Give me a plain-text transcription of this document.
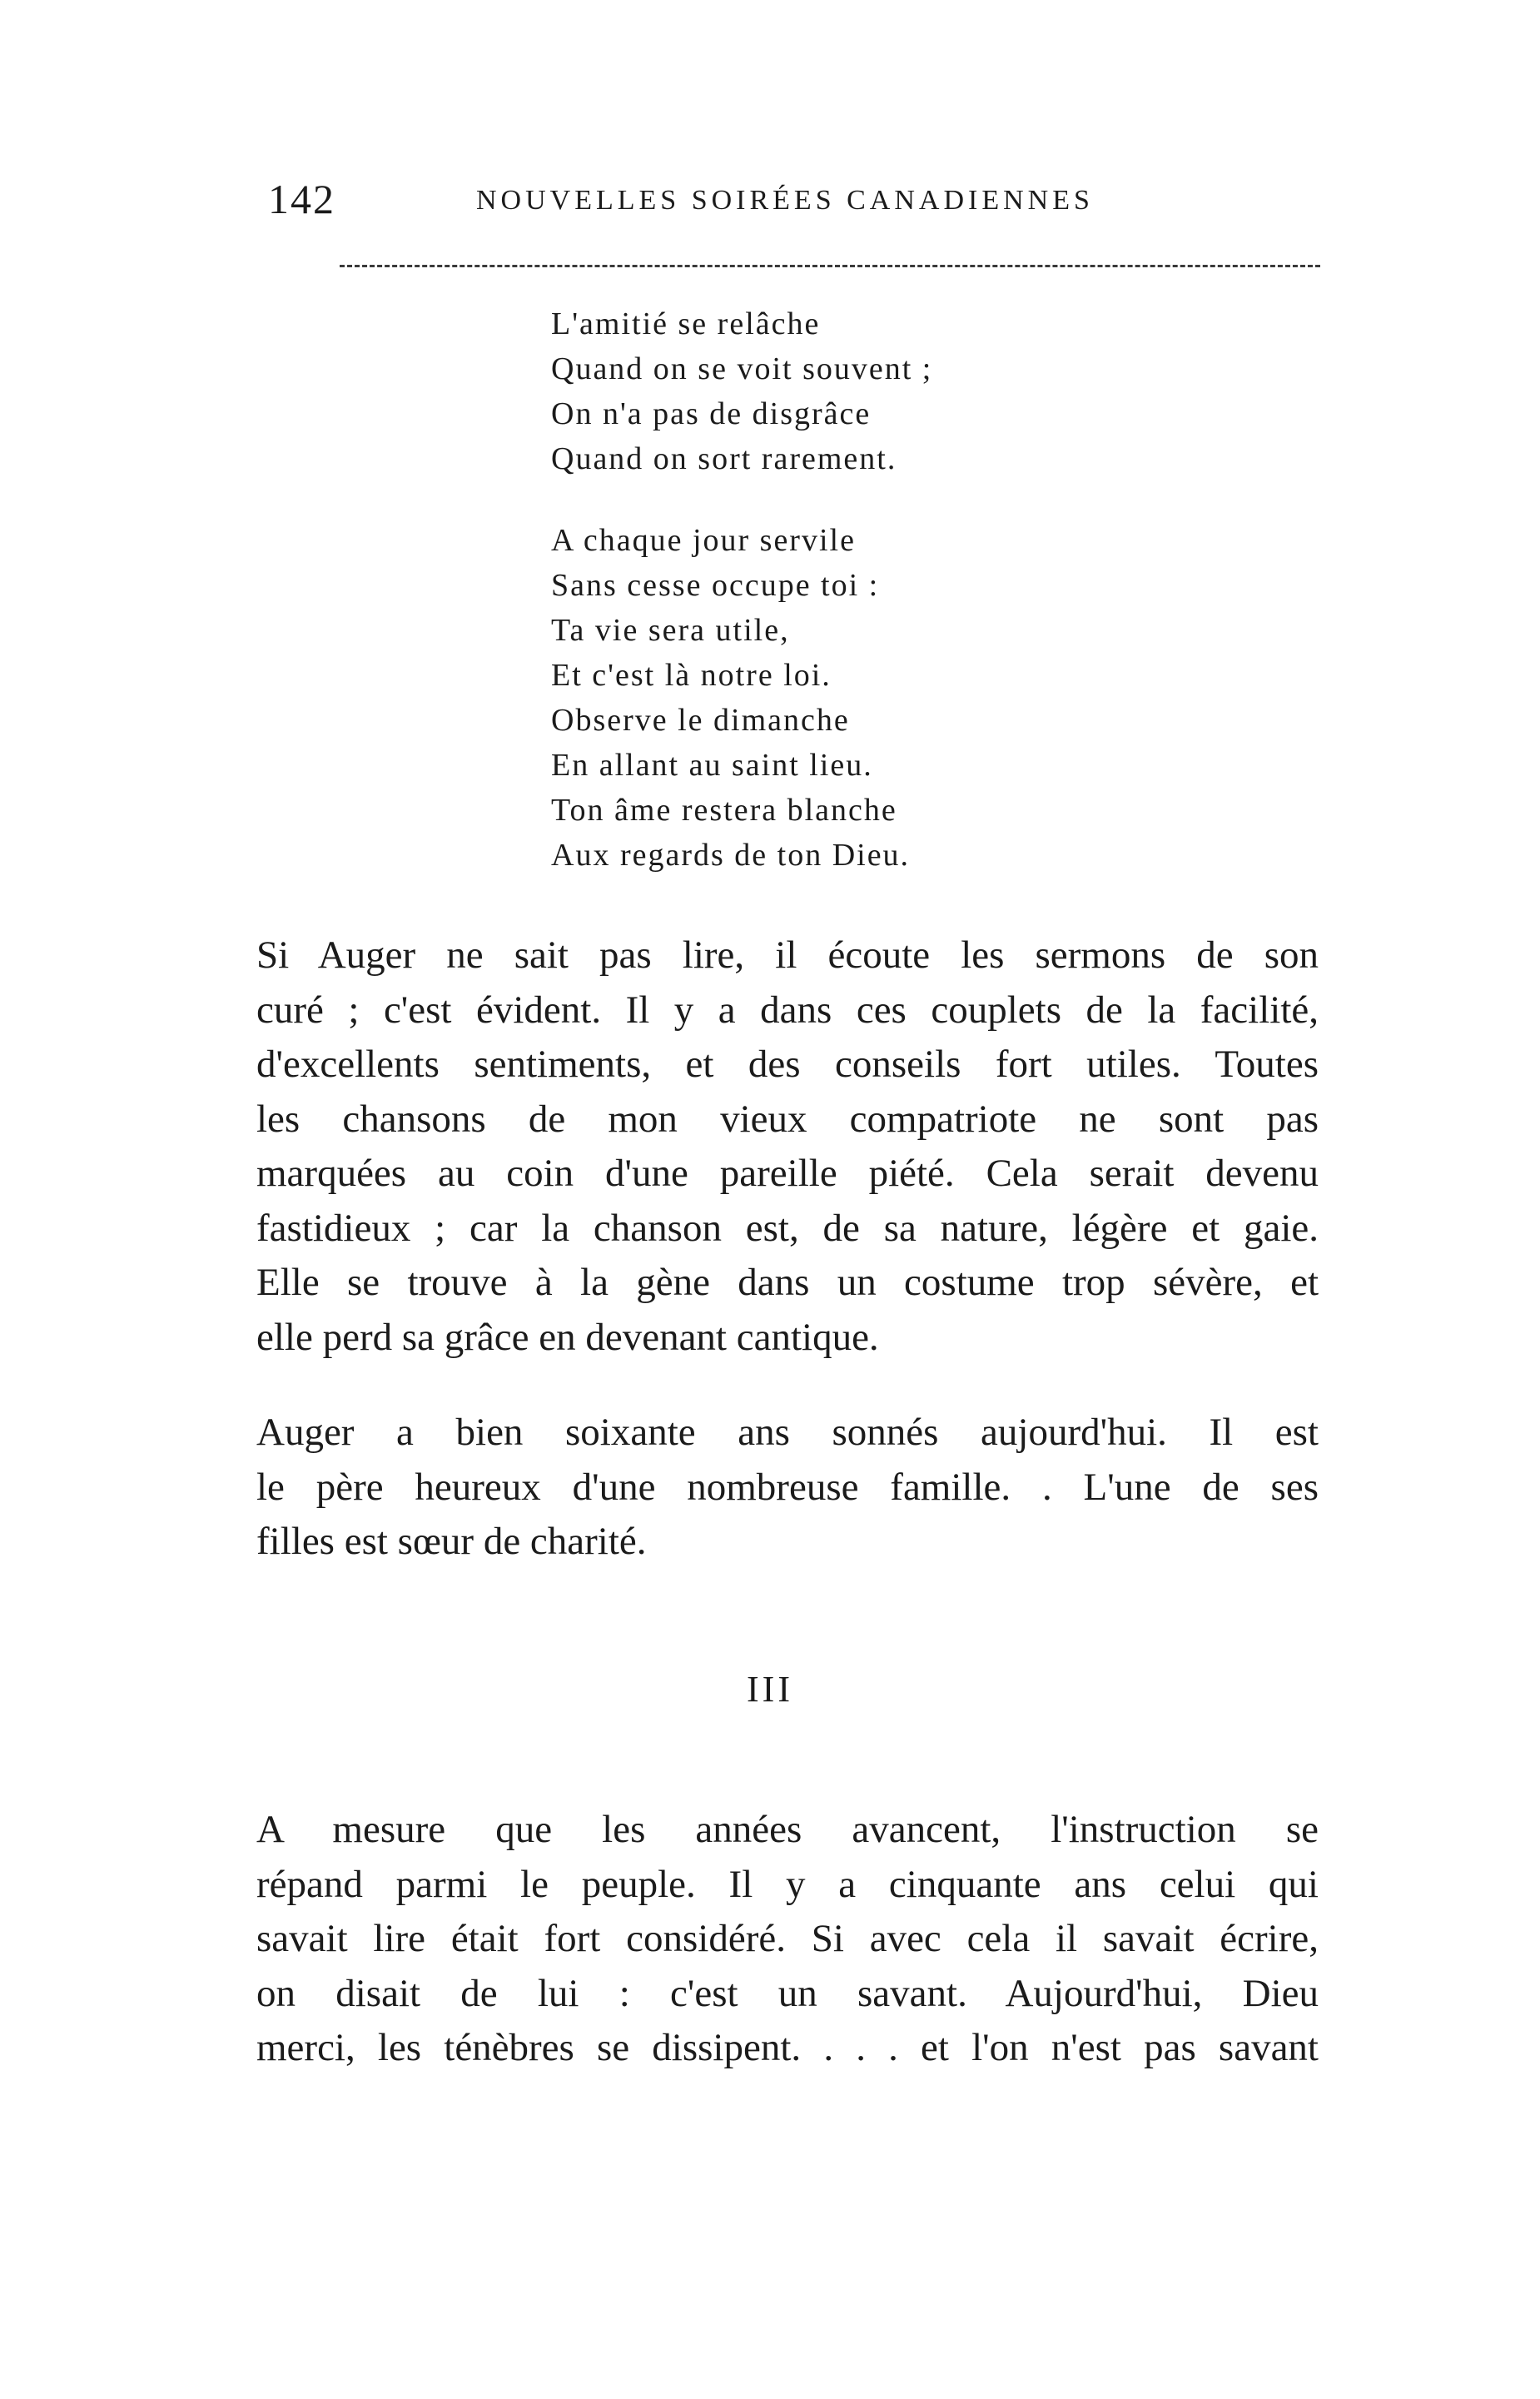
142	NOUVELLES SOIRÉES CANADIENNES
L'amitié se relâche
Quand on se voit souvent ;
On n'a pas de disgrâce
Quand on sort rarement.
A chaque jour servile
Sans cesse occupe toi :
Ta vie sera utile,
Et c'est là notre loi.
Observe le dimanche
En allant au saint lieu.
Ton âme restera blanche
Aux regards de ton Dieu.
Si Auger ne sait pas lire, il écoute les sermons de son
curé ; c'est évident. Il y a dans ces couplets de la facilité,
d'excellents sentiments, et des conseils fort utiles. Toutes
les chansons de mon vieux compatriote ne sont pas
marquées au coin d'une pareille piété. Cela serait devenu
fastidieux ; car la chanson est, de sa nature, légère et gaie.
Elle se trouve à la gène dans un costume trop sévère, et
elle perd sa grâce en devenant cantique.
Auger a bien soixante ans sonnés aujourd'hui. Il est
le père heureux d'une nombreuse famille. . L'une de ses
filles est sœur de charité.
III
A mesure que les années avancent, l'instruction se
répand parmi le peuple. Il y a cinquante ans celui qui
savait lire était fort considéré. Si avec cela il savait écrire,
on disait de lui : c'est un savant. Aujourd'hui, Dieu
merci, les ténèbres se dissipent. . . . et l'on n'est pas savant
